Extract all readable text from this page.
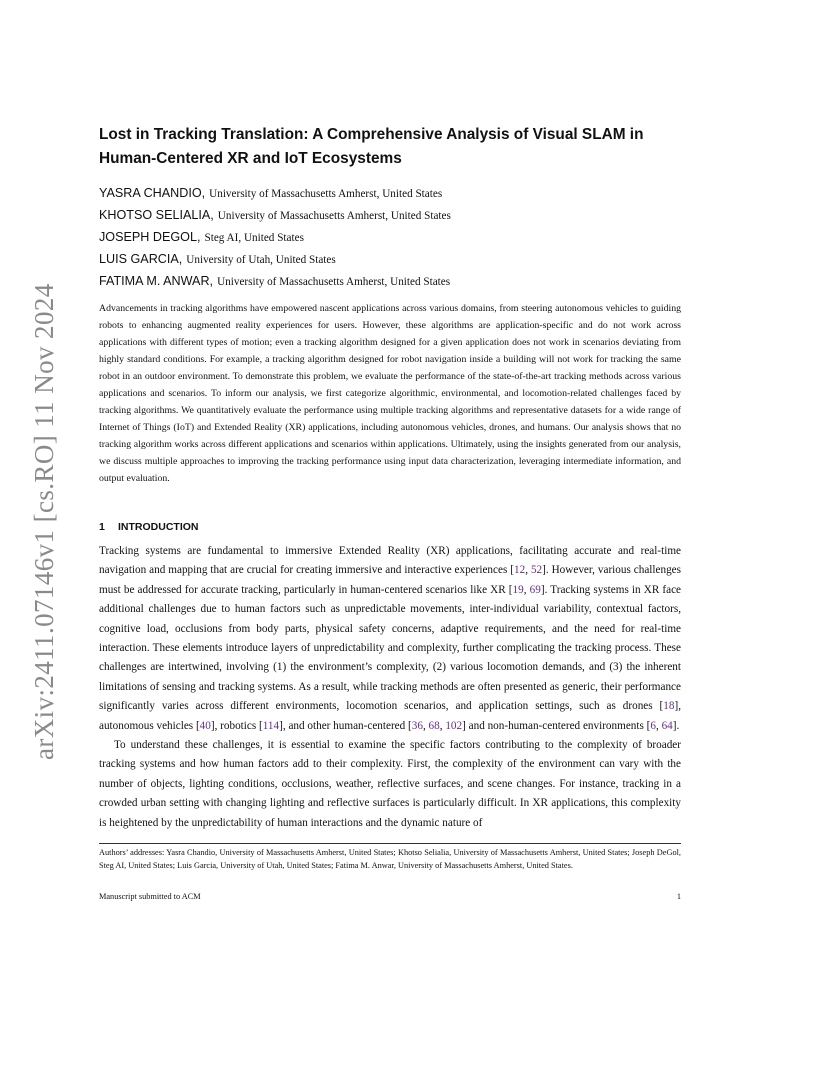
arXiv:2411.07146v1 [cs.RO] 11 Nov 2024
Lost in Tracking Translation: A Comprehensive Analysis of Visual SLAM in Human-Centered XR and IoT Ecosystems
YASRA CHANDIO, University of Massachusetts Amherst, United States
KHOTSO SELIALIA, University of Massachusetts Amherst, United States
JOSEPH DEGOL, Steg AI, United States
LUIS GARCIA, University of Utah, United States
FATIMA M. ANWAR, University of Massachusetts Amherst, United States

Advancements in tracking algorithms have empowered nascent applications across various domains, from steering autonomous vehicles to guiding robots to enhancing augmented reality experiences for users. However, these algorithms are application-specific and do not work across applications with different types of motion; even a tracking algorithm designed for a given application does not work in scenarios deviating from highly standard conditions. For example, a tracking algorithm designed for robot navigation inside a building will not work for tracking the same robot in an outdoor environment. To demonstrate this problem, we evaluate the performance of the state-of-the-art tracking methods across various applications and scenarios. To inform our analysis, we first categorize algorithmic, environmental, and locomotion-related challenges faced by tracking algorithms. We quantitatively evaluate the performance using multiple tracking algorithms and representative datasets for a wide range of Internet of Things (IoT) and Extended Reality (XR) applications, including autonomous vehicles, drones, and humans. Our analysis shows that no tracking algorithm works across different applications and scenarios within applications. Ultimately, using the insights generated from our analysis, we discuss multiple approaches to improving the tracking performance using input data characterization, leveraging intermediate information, and output evaluation.

1 INTRODUCTION

Tracking systems are fundamental to immersive Extended Reality (XR) applications, facilitating accurate and real-time navigation and mapping that are crucial for creating immersive and interactive experiences [12, 52]. However, various challenges must be addressed for accurate tracking, particularly in human-centered scenarios like XR [19, 69]. Tracking systems in XR face additional challenges due to human factors such as unpredictable movements, inter-individual variability, contextual factors, cognitive load, occlusions from body parts, physical safety concerns, adaptive requirements, and the need for real-time interaction. These elements introduce layers of unpredictability and complexity, further complicating the tracking process. These challenges are intertwined, involving (1) the environment’s complexity, (2) various locomotion demands, and (3) the inherent limitations of sensing and tracking systems. As a result, while tracking methods are often presented as generic, their performance significantly varies across different environments, locomotion scenarios, and application settings, such as drones [18], autonomous vehicles [40], robotics [114], and other human-centered [36, 68, 102] and non-human-centered environments [6, 64].

To understand these challenges, it is essential to examine the specific factors contributing to the complexity of broader tracking systems and how human factors add to their complexity. First, the complexity of the environment can vary with the number of objects, lighting conditions, occlusions, weather, reflective surfaces, and scene changes. For instance, tracking in a crowded urban setting with changing lighting and reflective surfaces is particularly difficult. In XR applications, this complexity is heightened by the unpredictability of human interactions and the dynamic nature of

Authors’ addresses: Yasra Chandio, University of Massachusetts Amherst, United States; Khotso Selialia, University of Massachusetts Amherst, United States; Joseph DeGol, Steg AI, United States; Luis Garcia, University of Utah, United States; Fatima M. Anwar, University of Massachusetts Amherst, United States.

Manuscript submitted to ACM	1
